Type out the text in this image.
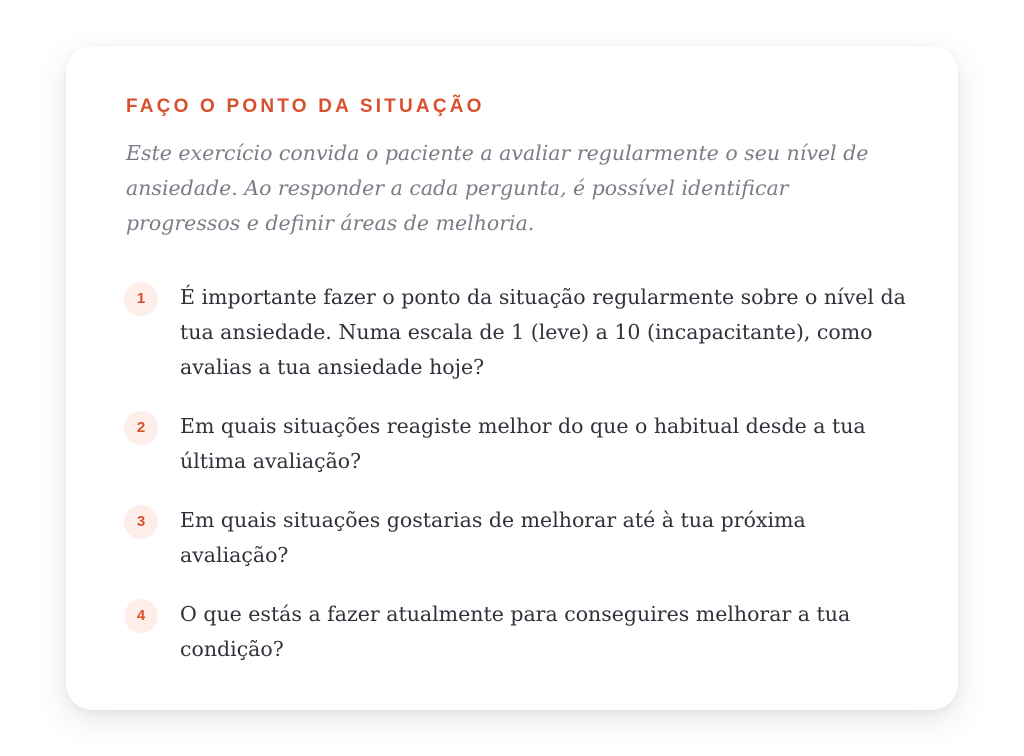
FAÇO O PONTO DA SITUAÇÃO

Este exercício convida o paciente a avaliar regularmente o seu nível de ansiedade. Ao responder a cada pergunta, é possível identificar progressos e definir áreas de melhoria.

1	É importante fazer o ponto da situação regularmente sobre o nível da tua ansiedade. Numa escala de 1 (leve) a 10 (incapacitante), como avalias a tua ansiedade hoje?

2	Em quais situações reagiste melhor do que o habitual desde a tua última avaliação?

3	Em quais situações gostarias de melhorar até à tua próxima avaliação?

4	O que estás a fazer atualmente para conseguires melhorar a tua condição?
